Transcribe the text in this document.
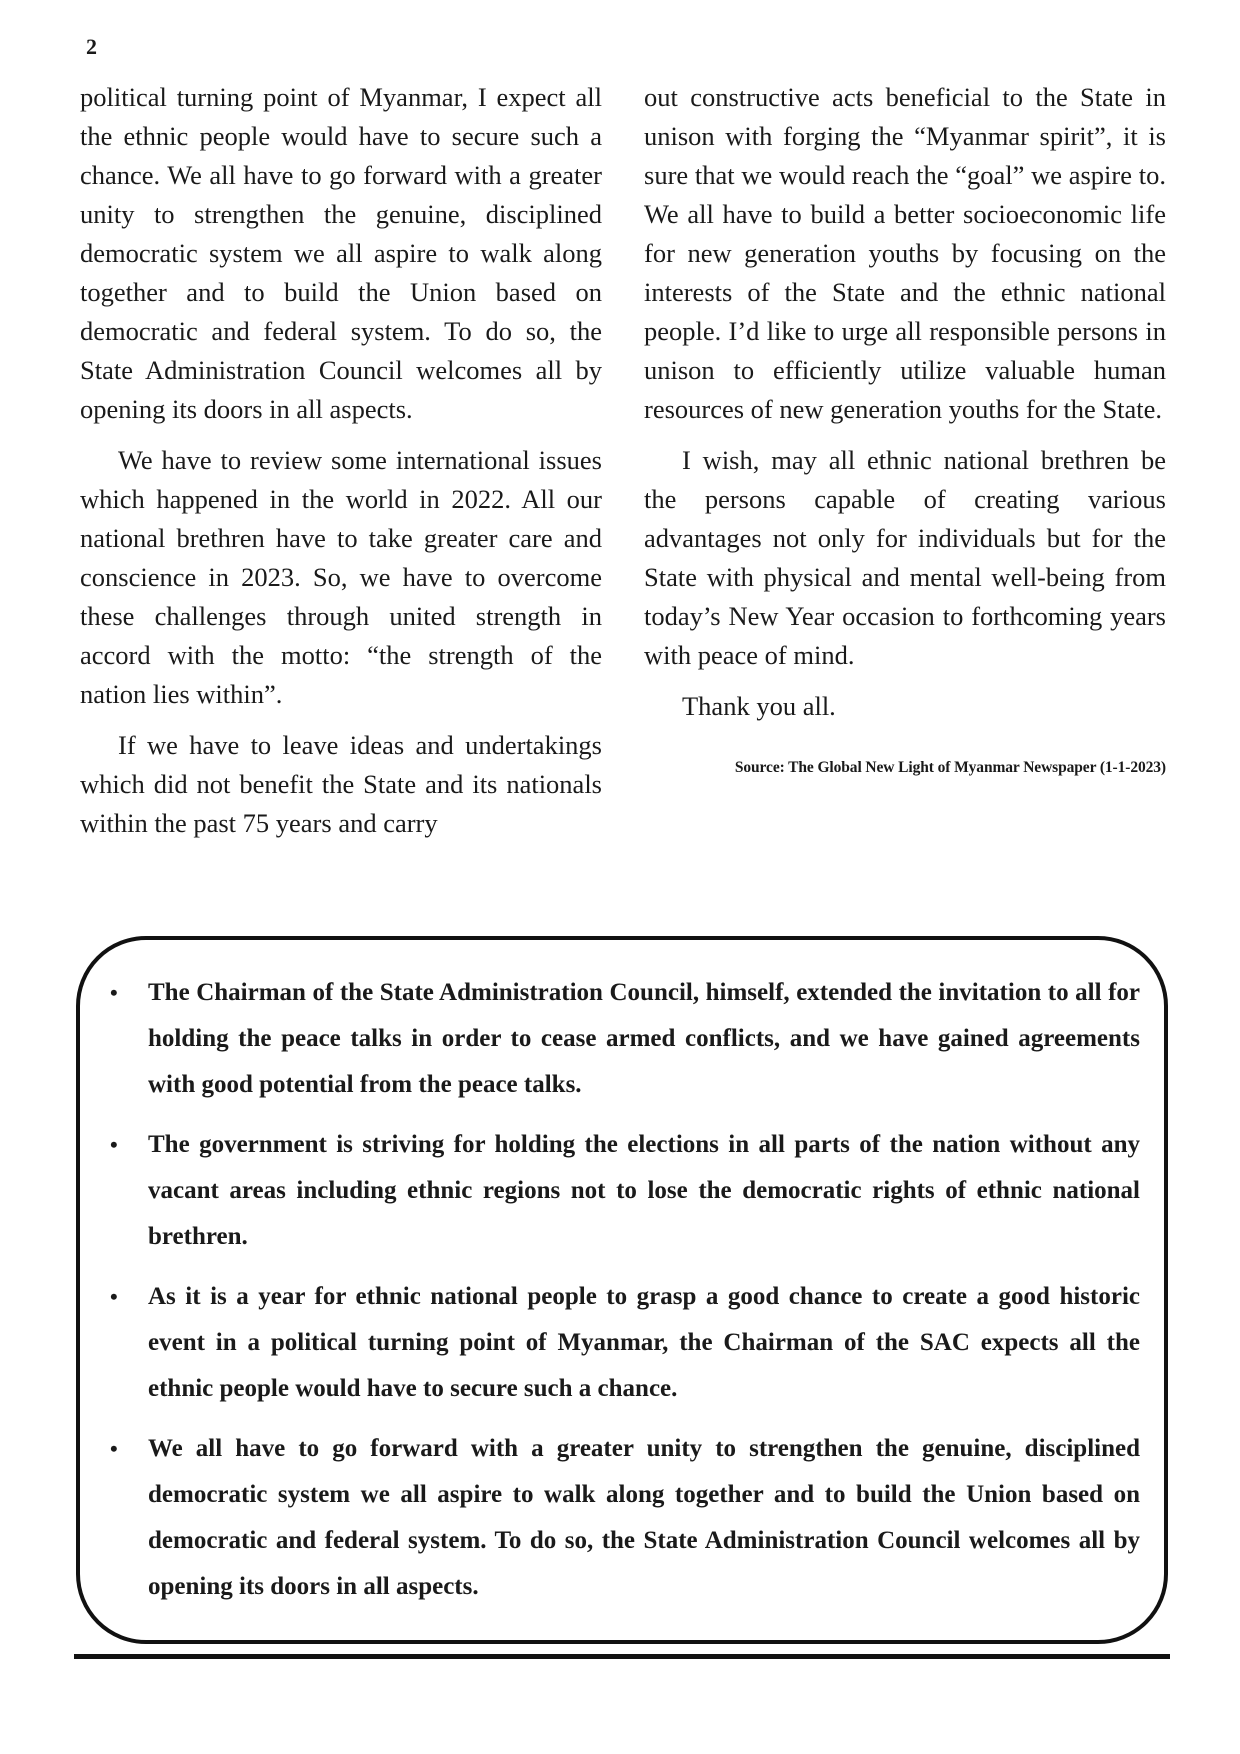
2

political turning point of Myanmar, I expect all the ethnic people would have to secure such a chance. We all have to go forward with a greater unity to strengthen the genuine, disciplined democratic system we all aspire to walk along together and to build the Union based on democratic and federal system. To do so, the State Administration Council welcomes all by opening its doors in all aspects.

We have to review some international issues which happened in the world in 2022. All our national brethren have to take greater care and conscience in 2023. So, we have to overcome these challenges through united strength in accord with the motto: “the strength of the nation lies within”.

If we have to leave ideas and undertakings which did not benefit the State and its nationals within the past 75 years and carry

out constructive acts beneficial to the State in unison with forging the “Myanmar spirit”, it is sure that we would reach the “goal” we aspire to. We all have to build a better socioeconomic life for new generation youths by focusing on the interests of the State and the ethnic national people. I’d like to urge all responsible persons in unison to efficiently utilize valuable human resources of new generation youths for the State.

I wish, may all ethnic national brethren be the persons capable of creating various advantages not only for individuals but for the State with physical and mental well-being from today’s New Year occasion to forthcoming years with peace of mind.

Thank you all.

Source: The Global New Light of Myanmar Newspaper (1-1-2023)
• The Chairman of the State Administration Council, himself, extended the invitation to all for holding the peace talks in order to cease armed conflicts, and we have gained agreements with good potential from the peace talks.
• The government is striving for holding the elections in all parts of the nation without any vacant areas including ethnic regions not to lose the democratic rights of ethnic national brethren.
• As it is a year for ethnic national people to grasp a good chance to create a good historic event in a political turning point of Myanmar, the Chairman of the SAC expects all the ethnic people would have to secure such a chance.
• We all have to go forward with a greater unity to strengthen the genuine, disciplined democratic system we all aspire to walk along together and to build the Union based on democratic and federal system. To do so, the State Administration Council welcomes all by opening its doors in all aspects.
